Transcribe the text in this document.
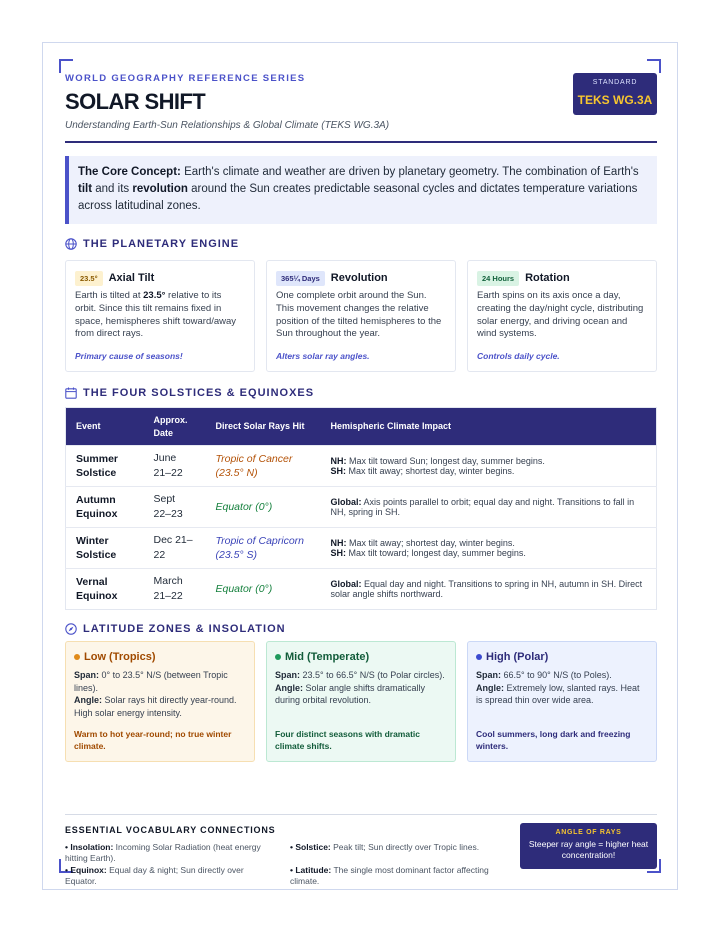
WORLD GEOGRAPHY REFERENCE SERIES
SOLAR SHIFT
Understanding Earth-Sun Relationships & Global Climate (TEKS WG.3A)
STANDARD
TEKS WG.3A
The Core Concept: Earth's climate and weather are driven by planetary geometry. The combination of Earth's tilt and its revolution around the Sun creates predictable seasonal cycles and dictates temperature variations across latitudinal zones.
THE PLANETARY ENGINE
23.5°	Axial Tilt
Earth is tilted at 23.5° relative to its orbit. Since this tilt remains fixed in space, hemispheres shift toward/away from direct rays.
Primary cause of seasons!
365¼ Days	Revolution
One complete orbit around the Sun. This movement changes the relative position of the tilted hemispheres to the Sun throughout the year.
Alters solar ray angles.
24 Hours	Rotation
Earth spins on its axis once a day, creating the day/night cycle, distributing solar energy, and driving ocean and wind systems.
Controls daily cycle.
THE FOUR SOLSTICES & EQUINOXES
Event	Approx. Date	Direct Solar Rays Hit	Hemispheric Climate Impact
Summer Solstice	June 21–22	Tropic of Cancer (23.5° N)	NH: Max tilt toward Sun; longest day, summer begins.
SH: Max tilt away; shortest day, winter begins.

Autumn Equinox	Sept 22–23	Equator (0°)	Global: Axis points parallel to orbit; equal day and night. Transitions to fall in NH, spring in SH.

Winter Solstice	Dec 21–22	Tropic of Capricorn (23.5° S)	NH: Max tilt away; shortest day, winter begins.
SH: Max tilt toward; longest day, summer begins.

Vernal Equinox	March 21–22	Equator (0°)	Global: Equal day and night. Transitions to spring in NH, autumn in SH. Direct solar angle shifts northward.
LATITUDE ZONES & INSOLATION
Low (Tropics)
Span: 0° to 23.5° N/S (between Tropic lines).
Angle: Solar rays hit directly year-round. High solar energy intensity.
Warm to hot year-round; no true winter climate.
Mid (Temperate)
Span: 23.5° to 66.5° N/S (to Polar circles).
Angle: Solar angle shifts dramatically during orbital revolution.
Four distinct seasons with dramatic climate shifts.
High (Polar)
Span: 66.5° to 90° N/S (to Poles).
Angle: Extremely low, slanted rays. Heat is spread thin over wide area.
Cool summers, long dark and freezing winters.
ESSENTIAL VOCABULARY CONNECTIONS
• Insolation: Incoming Solar Radiation (heat energy hitting Earth).
• Solstice: Peak tilt; Sun directly over Tropic lines.
• Equinox: Equal day & night; Sun directly over Equator.
• Latitude: The single most dominant factor affecting climate.
ANGLE OF RAYS
Steeper ray angle = higher heat concentration!
